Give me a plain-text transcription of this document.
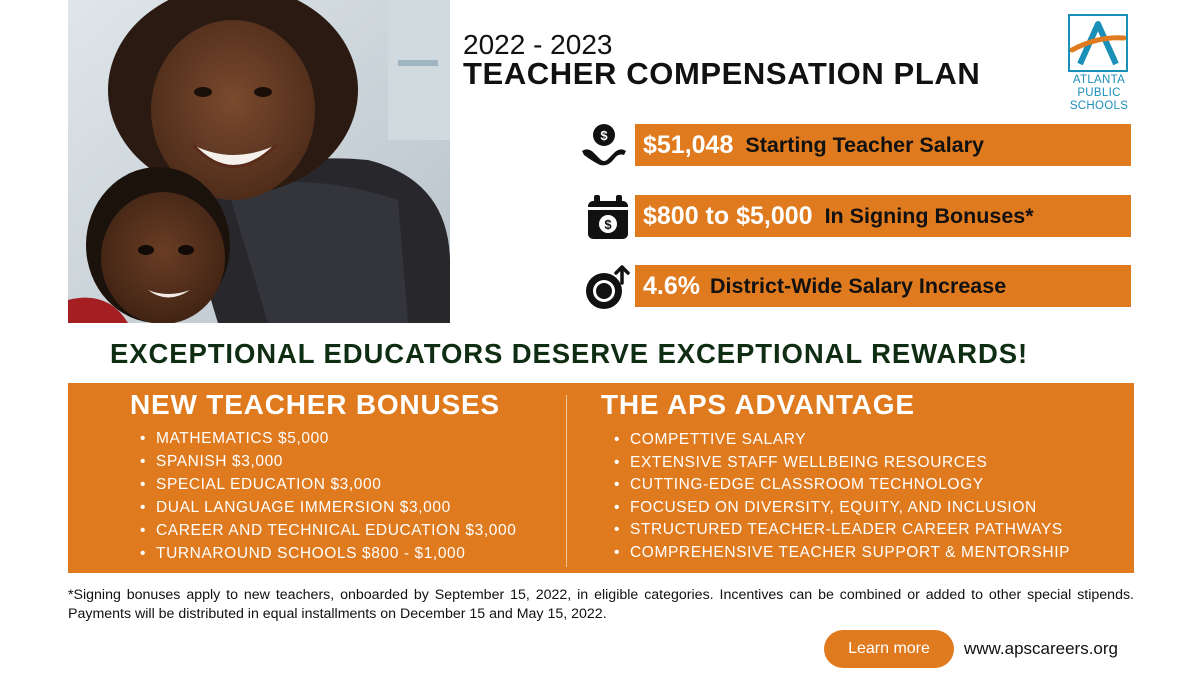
2022 - 2023
TEACHER COMPENSATION PLAN	ATLANTA
PUBLIC
SCHOOLS
$ $51,048 Starting Teacher Salary
$ $800 to $5,000 In Signing Bonuses*
4.6% District-Wide Salary Increase
EXCEPTIONAL EDUCATORS DESERVE EXCEPTIONAL REWARDS!
NEW TEACHER BONUSES
• MATHEMATICS $5,000
• SPANISH $3,000
• SPECIAL EDUCATION $3,000
• DUAL LANGUAGE IMMERSION $3,000
• CAREER AND TECHNICAL EDUCATION $3,000
• TURNAROUND SCHOOLS $800 - $1,000
THE APS ADVANTAGE
• COMPETTIVE SALARY
• EXTENSIVE STAFF WELLBEING RESOURCES
• CUTTING-EDGE CLASSROOM TECHNOLOGY
• FOCUSED ON DIVERSITY, EQUITY, AND INCLUSION
• STRUCTURED TEACHER-LEADER CAREER PATHWAYS
• COMPREHENSIVE TEACHER SUPPORT & MENTORSHIP

*Signing bonuses apply to new teachers, onboarded by September 15, 2022, in eligible categories. Incentives can be combined or added to other special stipends. Payments will be distributed in equal installments on December 15 and May 15, 2022.

Learn more	www.apscareers.org
